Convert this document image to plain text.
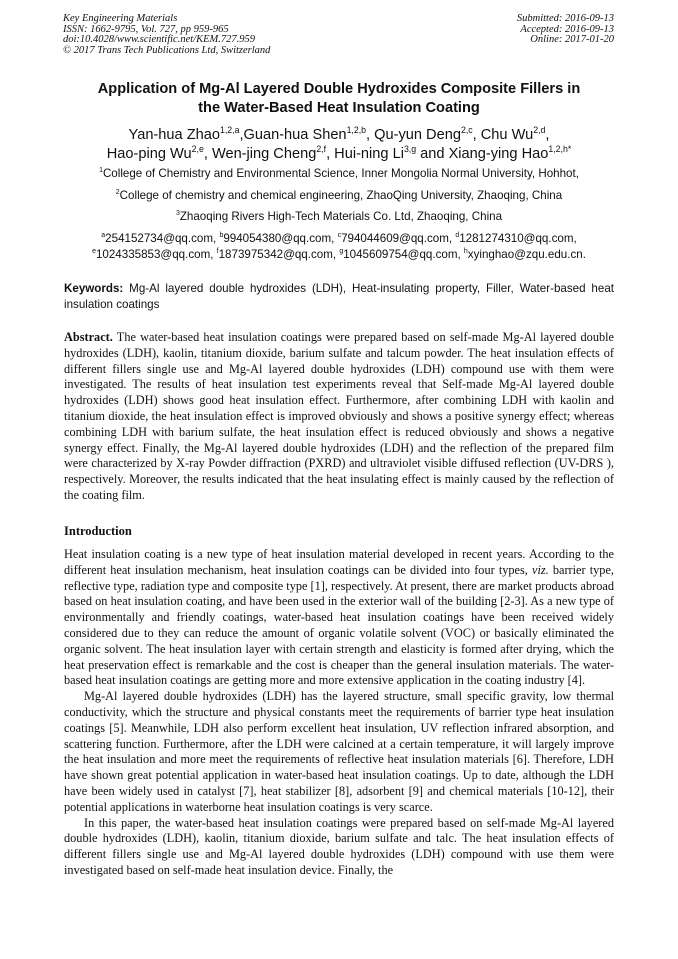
Key Engineering Materials
ISSN: 1662-9795, Vol. 727, pp 959-965
doi:10.4028/www.scientific.net/KEM.727.959
© 2017 Trans Tech Publications Ltd, Switzerland
Submitted: 2016-09-13
Accepted: 2016-09-13
Online: 2017-01-20
Application of Mg-Al Layered Double Hydroxides Composite Fillers in
the Water-Based Heat Insulation Coating
Yan-hua Zhao$^{1,2,a}$,Guan-hua Shen$^{1,2,b}$, Qu-yun Deng$^{2,c}$, Chu Wu$^{2,d}$,
Hao-ping Wu$^{2,e}$, Wen-jing Cheng$^{2,f}$, Hui-ning Li$^{3,g}$ and Xiang-ying Hao$^{1,2,h*}$
$^1$College of Chemistry and Environmental Science, Inner Mongolia Normal University, Hohhot,
$^2$College of chemistry and chemical engineering, ZhaoQing University, Zhaoqing, China
$^3$Zhaoqing Rivers High-Tech Materials Co. Ltd, Zhaoqing, China
$^a$254152734@qq.com, $^b$994054380@qq.com, $^c$794044609@qq.com, $^d$1281274310@qq.com,
$^e$1024335853@qq.com, $^f$1873975342@qq.com, $^g$1045609754@qq.com, $^h$xyinghao@zqu.edu.cn.
Keywords: Mg-Al layered double hydroxides (LDH), Heat-insulating property, Filler, Water-based heat insulation coatings
Abstract. The water-based heat insulation coatings were prepared based on self-made Mg-Al layered double hydroxides (LDH), kaolin, titanium dioxide, barium sulfate and talcum powder. The heat insulation effects of different fillers single use and Mg-Al layered double hydroxides (LDH) compound use with them were investigated. The results of heat insulation test experiments reveal that Self-made Mg-Al layered double hydroxides (LDH) shows good heat insulation effect. Furthermore, after combining LDH with kaolin and titanium dioxide, the heat insulation effect is improved obviously and shows a positive synergy effect; whereas combining LDH with barium sulfate, the heat insulation effect is reduced obviously and shows a negative synergy effect. Finally, the Mg-Al layered double hydroxides (LDH) and the reflection of the prepared film were characterized by X-ray Powder diffraction (PXRD) and ultraviolet visible diffused reflection (UV-DRS ), respectively. Moreover, the results indicated that the heat insulating effect is mainly caused by the reflection of the coating film.
Introduction

Heat insulation coating is a new type of heat insulation material developed in recent years. According to the different heat insulation mechanism, heat insulation coatings can be divided into four types, viz. barrier type, reflective type, radiation type and composite type [1], respectively. At present, there are market products abroad based on heat insulation coating, and have been used in the exterior wall of the building [2-3]. As a new type of environmentally and friendly coatings, water-based heat insulation coatings have been received widely considered due to they can reduce the amount of organic volatile solvent (VOC) or basically eliminated the organic solvent. The heat insulation layer with certain strength and elasticity is formed after drying, which the heat preservation effect is remarkable and the cost is cheaper than the general insulation materials. The water-based heat insulation coatings are getting more and more extensive application in the coating industry [4].

Mg-Al layered double hydroxides (LDH) has the layered structure, small specific gravity, low thermal conductivity, which the structure and physical constants meet the requirements of barrier type heat insulation coatings [5]. Meanwhile, LDH also perform excellent heat insulation, UV reflection infrared absorption, and scattering function. Furthermore, after the LDH were calcined at a certain temperature, it will largely improve the heat insulation and more meet the requirements of reflective heat insulation materials [6]. Therefore, LDH have shown great potential application in water-based heat insulation coatings. Up to date, although the LDH have been widely used in catalyst [7], heat stabilizer [8], adsorbent [9] and chemical materials [10-12], their potential applications in waterborne heat insulation coatings is very scarce.

In this paper, the water-based heat insulation coatings were prepared based on self-made Mg-Al layered double hydroxides (LDH), kaolin, titanium dioxide, barium sulfate and talc. The heat insulation effects of different fillers single use and Mg-Al layered double hydroxides (LDH) compound with use them were investigated based on self-made heat insulation device. Finally, the
